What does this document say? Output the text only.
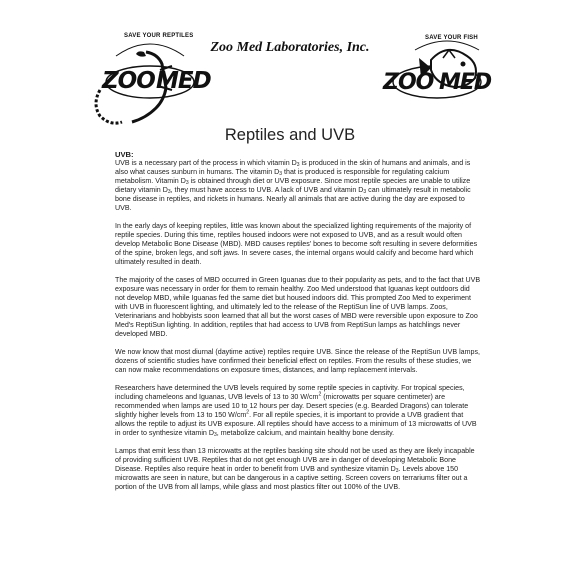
SAVE YOUR REPTILES
ZOO MED
Zoo Med Laboratories, Inc.
SAVE YOUR FISH
ZOO MED
Reptiles and UVB
UVB:

UVB is a necessary part of the process in which vitamin $D_3$ is produced in the skin of humans and animals, and is also what causes sunburn in humans. The vitamin $D_3$ that is produced is responsible for regulating calcium metabolism. Vitamin $D_3$ is obtained through diet or UVB exposure. Since most reptile species are unable to utilize dietary vitamin $D_3$, they must have access to UVB. A lack of UVB and vitamin $D_3$ can ultimately result in metabolic bone disease in reptiles, and rickets in humans. Nearly all animals that are active during the day are exposed to UVB.

In the early days of keeping reptiles, little was known about the specialized lighting requirements of the majority of reptile species. During this time, reptiles housed indoors were not exposed to UVB, and as a result would often develop Metabolic Bone Disease (MBD). MBD causes reptiles' bones to become soft resulting in severe deformities of the spine, broken legs, and soft jaws. In severe cases, the internal organs would calcify and become hard which ultimately resulted in death.

The majority of the cases of MBD occurred in Green Iguanas due to their popularity as pets, and to the fact that UVB exposure was necessary in order for them to remain healthy. Zoo Med understood that Iguanas kept outdoors did not develop MBD, while Iguanas fed the same diet but housed indoors did. This prompted Zoo Med to experiment with UVB in fluorescent lighting, and ultimately led to the release of the ReptiSun line of UVB lamps. Zoos, Veterinarians and hobbyists soon learned that all but the worst cases of MBD were reversible upon exposure to Zoo Med's ReptiSun lighting. In addition, reptiles that had access to UVB from ReptiSun lamps as hatchlings never developed MBD.

We now know that most diurnal (daytime active) reptiles require UVB. Since the release of the ReptiSun UVB lamps, dozens of scientific studies have confirmed their beneficial effect on reptiles. From the results of these studies, we can now make recommendations on exposure times, distances, and lamp replacement intervals.

Researchers have determined the UVB levels required by some reptile species in captivity. For tropical species, including chameleons and Iguanas, UVB levels of 13 to 30 $W/cm^2$ (microwatts per square centimeter) are recommended when lamps are used 10 to 12 hours per day. Desert species (e.g. Bearded Dragons) can tolerate slightly higher levels from 13 to 150 $W/cm^2$. For all reptile species, it is important to provide a UVB gradient that allows the reptile to adjust its UVB exposure. All reptiles should have access to a minimum of 13 microwatts of UVB in order to synthesize vitamin $D_3$, metabolize calcium, and maintain healthy bone density.

Lamps that emit less than 13 microwatts at the reptiles basking site should not be used as they are likely incapable of providing sufficient UVB. Reptiles that do not get enough UVB are in danger of developing Metabolic Bone Disease. Reptiles also require heat in order to benefit from UVB and synthesize vitamin $D_3$. Levels above 150 microwatts are seen in nature, but can be dangerous in a captive setting. Screen covers on terrariums filter out a portion of the UVB from all lamps, while glass and most plastics filter out 100% of the UVB.
